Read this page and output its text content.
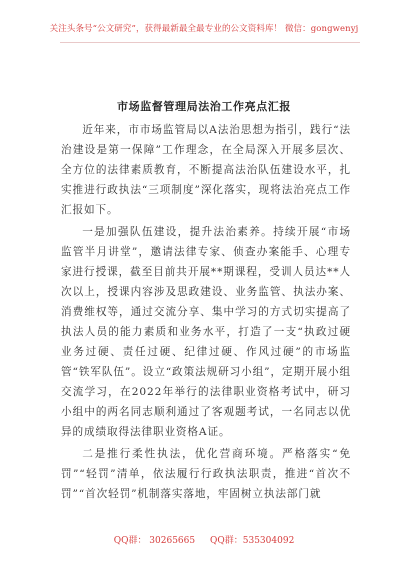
关注头条号“公文研究”，获得最新最全最专业的公文资料库！ 微信：gongwenyj
市场监督管理局法治工作亮点汇报

近年来，市市场监管局以A法治思想为指引，践行“法治建设是第一保障”工作理念，在全局深入开展多层次、全方位的法律素质教育，不断提高法治队伍建设水平，扎实推进行政执法“三项制度”深化落实，现将法治亮点工作汇报如下。

一是加强队伍建设，提升法治素养。持续开展“市场监管半月讲堂”，邀请法律专家、侦查办案能手、心理专家进行授课，截至目前共开展**期课程，受训人员达**人次以上，授课内容涉及思政建设、业务监管、执法办案、消费维权等，通过交流分享、集中学习的方式切实提高了执法人员的能力素质和业务水平，打造了一支“执政过硬业务过硬、责任过硬、纪律过硬、作风过硬”的市场监管“铁军队伍”。设立“政策法规研习小组”，定期开展小组交流学习，在2022年举行的法律职业资格考试中，研习小组中的两名同志顺利通过了客观题考试，一名同志以优异的成绩取得法律职业资格A证。

二是推行柔性执法，优化营商环境。严格落实“免罚”“轻罚”清单，依法履行行政执法职责，推进“首次不罚”“首次轻罚”机制落实落地，牢固树立执法部门就

QQ群： 30265665 QQ群：535304092
